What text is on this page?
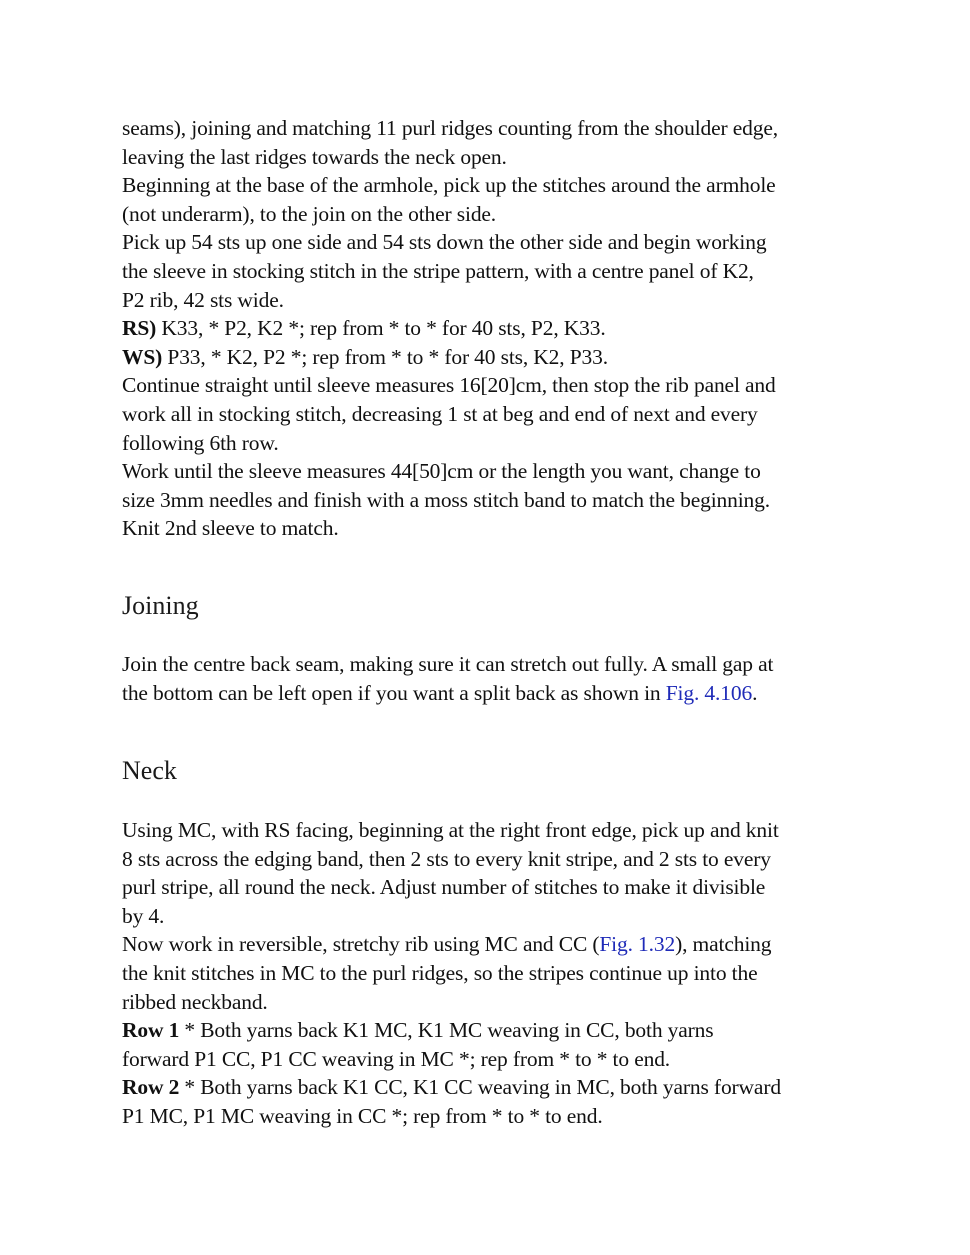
seams), joining and matching 11 purl ridges counting from the shoulder edge,
leaving the last ridges towards the neck open.
Beginning at the base of the armhole, pick up the stitches around the armhole
(not underarm), to the join on the other side.
Pick up 54 sts up one side and 54 sts down the other side and begin working
the sleeve in stocking stitch in the stripe pattern, with a centre panel of K2,
P2 rib, 42 sts wide.
RS) K33, * P2, K2 *; rep from * to * for 40 sts, P2, K33.
WS) P33, * K2, P2 *; rep from * to * for 40 sts, K2, P33.
Continue straight until sleeve measures 16[20]cm, then stop the rib panel and
work all in stocking stitch, decreasing 1 st at beg and end of next and every
following 6th row.
Work until the sleeve measures 44[50]cm or the length you want, change to
size 3mm needles and finish with a moss stitch band to match the beginning.
Knit 2nd sleeve to match.
Joining
Join the centre back seam, making sure it can stretch out fully. A small gap at
the bottom can be left open if you want a split back as shown in Fig. 4.106.
Neck
Using MC, with RS facing, beginning at the right front edge, pick up and knit
8 sts across the edging band, then 2 sts to every knit stripe, and 2 sts to every
purl stripe, all round the neck. Adjust number of stitches to make it divisible
by 4.
Now work in reversible, stretchy rib using MC and CC (Fig. 1.32), matching
the knit stitches in MC to the purl ridges, so the stripes continue up into the
ribbed neckband.
Row 1 * Both yarns back K1 MC, K1 MC weaving in CC, both yarns
forward P1 CC, P1 CC weaving in MC *; rep from * to * to end.
Row 2 * Both yarns back K1 CC, K1 CC weaving in MC, both yarns forward
P1 MC, P1 MC weaving in CC *; rep from * to * to end.
